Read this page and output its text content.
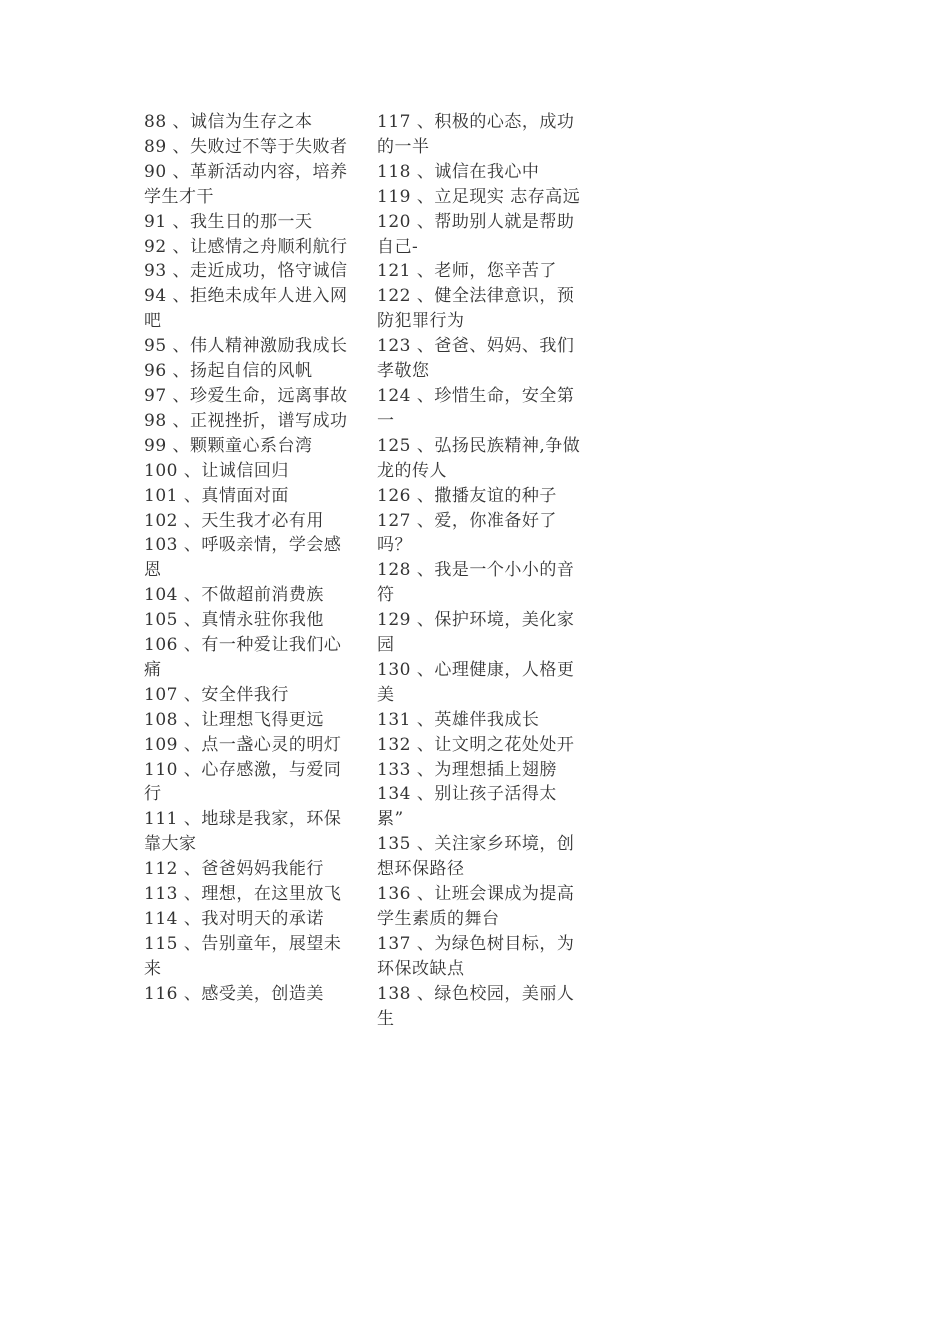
88 、诚信为生存之本
89 、失败过不等于失败者
90 、革新活动内容，培养学生才干
91 、我生日的那一天
92 、让感情之舟顺利航行
93 、走近成功，恪守诚信
94 、拒绝未成年人进入网吧
95 、伟人精神激励我成长
96 、扬起自信的风帆
97 、珍爱生命，远离事故
98 、正视挫折，谱写成功
99 、颗颗童心系台湾
100 、让诚信回归
101 、真情面对面
102 、天生我才必有用
103 、呼吸亲情，学会感恩
104 、不做超前消费族
105 、真情永驻你我他
106 、有一种爱让我们心痛
107 、安全伴我行
108 、让理想飞得更远
109 、点一盏心灵的明灯
110 、心存感激，与爱同行
111 、地球是我家，环保靠大家
112 、爸爸妈妈我能行
113 、理想，在这里放飞
114 、我对明天的承诺
115 、告别童年，展望未来
116 、感受美，创造美
117 、积极的心态，成功的一半
118 、诚信在我心中
119 、立足现实 志存高远
120 、帮助别人就是帮助自己-
121 、老师，您辛苦了
122 、健全法律意识，预防犯罪行为
123 、爸爸、妈妈、我们孝敬您
124 、珍惜生命，安全第一
125 、弘扬民族精神,争做龙的传人
126 、撒播友谊的种子
127 、爱，你准备好了吗？
128 、我是一个小小的音符
129 、保护环境，美化家园
130 、心理健康，人格更美
131 、英雄伴我成长
132 、让文明之花处处开
133 、为理想插上翅膀
134 、别让孩子活得太累”
135 、关注家乡环境，创想环保路径
136 、让班会课成为提高学生素质的舞台
137 、为绿色树目标，为环保改缺点
138 、绿色校园，美丽人生
